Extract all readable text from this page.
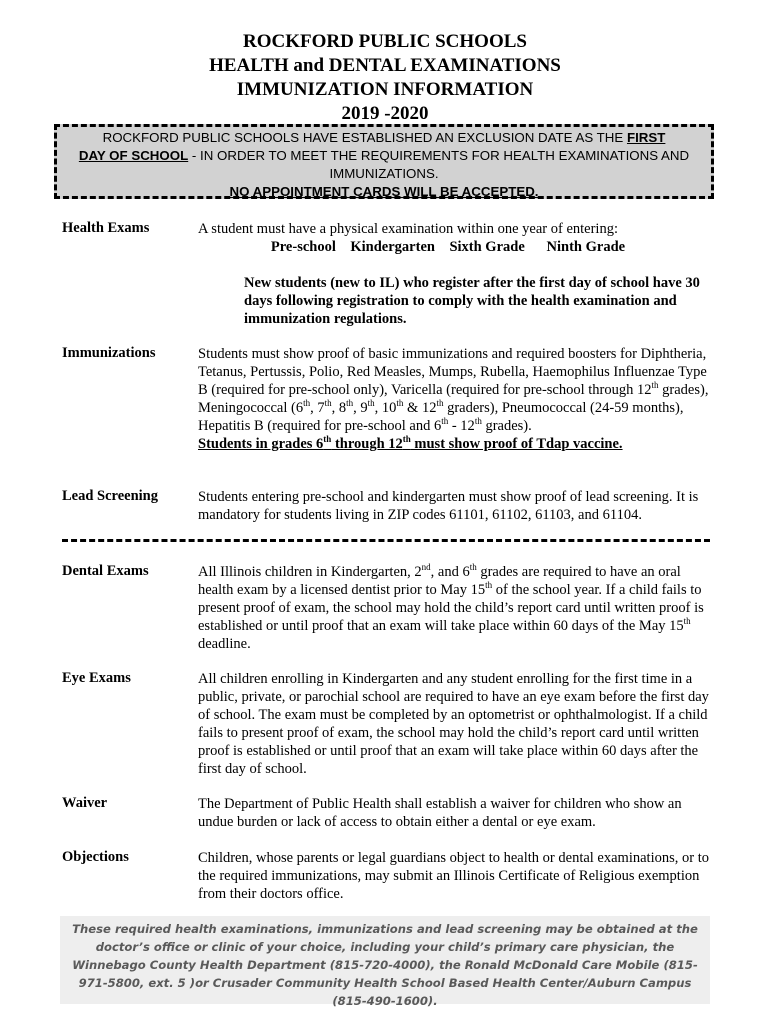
ROCKFORD PUBLIC SCHOOLS
HEALTH and DENTAL EXAMINATIONS
IMMUNIZATION INFORMATION
2019 -2020
ROCKFORD PUBLIC SCHOOLS HAVE ESTABLISHED AN EXCLUSION DATE AS THE FIRST
DAY OF SCHOOL - IN ORDER TO MEET THE REQUIREMENTS FOR HEALTH EXAMINATIONS AND IMMUNIZATIONS.
NO APPOINTMENT CARDS WILL BE ACCEPTED.
Health Exams	A student must have a physical examination within one year of entering:
Pre-school    Kindergarten    Sixth Grade      Ninth Grade
New students (new to IL) who register after the first day of school have 30 days following registration to comply with the health examination and immunization regulations.
Immunizations	Students must show proof of basic immunizations and required boosters for Diphtheria, Tetanus, Pertussis, Polio, Red Measles, Mumps, Rubella, Haemophilus Influenzae Type B (required for pre-school only), Varicella (required for pre-school through 12th grades), Meningococcal (6th, 7th, 8th, 9th, 10th & 12th graders), Pneumococcal (24-59 months), Hepatitis B (required for pre-school and 6th - 12th grades).
Students in grades 6th through 12th must show proof of Tdap vaccine.
Lead Screening	Students entering pre-school and kindergarten must show proof of lead screening. It is mandatory for students living in ZIP codes 61101, 61102, 61103, and 61104.
Dental Exams	All Illinois children in Kindergarten, 2nd, and 6th grades are required to have an oral health exam by a licensed dentist prior to May 15th of the school year. If a child fails to present proof of exam, the school may hold the child’s report card until written proof is established or until proof that an exam will take place within 60 days of the May 15th deadline.
Eye Exams	All children enrolling in Kindergarten and any student enrolling for the first time in a public, private, or parochial school are required to have an eye exam before the first day of school. The exam must be completed by an optometrist or ophthalmologist. If a child fails to present proof of exam, the school may hold the child’s report card until written proof is established or until proof that an exam will take place within 60 days after the first day of school.
Waiver	The Department of Public Health shall establish a waiver for children who show an undue burden or lack of access to obtain either a dental or eye exam.
Objections	Children, whose parents or legal guardians object to health or dental examinations, or to the required immunizations, may submit an Illinois Certificate of Religious exemption from their doctors office.
These required health examinations, immunizations and lead screening may be obtained at the doctor’s office or clinic of your choice, including your child’s primary care physician, the Winnebago County Health Department (815-720-4000), the Ronald McDonald Care Mobile (815-971-5800, ext. 5 )or Crusader Community Health School Based Health Center/Auburn Campus (815-490-1600).
